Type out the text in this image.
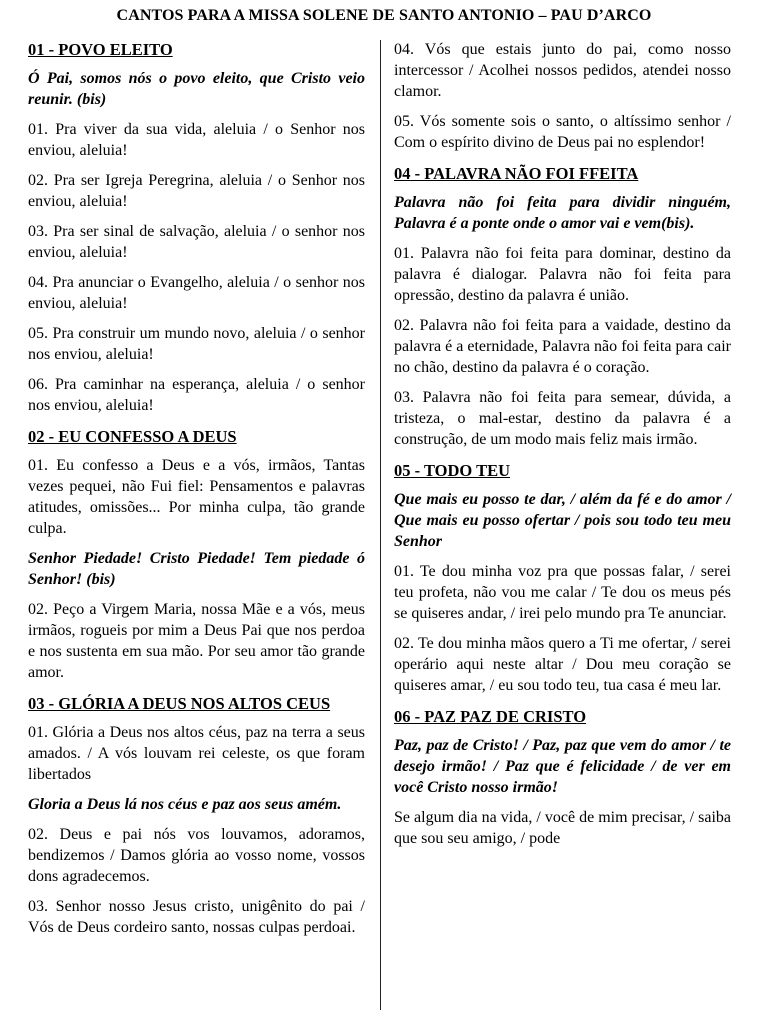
CANTOS PARA A MISSA SOLENE DE SANTO ANTONIO – PAU D’ARCO
01 - POVO ELEITO
Ó Pai, somos nós o povo eleito, que Cristo veio reunir. (bis)
01. Pra viver da sua vida, aleluia / o Senhor nos enviou, aleluia!
02. Pra ser Igreja Peregrina, aleluia / o Senhor nos enviou, aleluia!
03. Pra ser sinal de salvação, aleluia / o senhor nos enviou, aleluia!
04. Pra anunciar o Evangelho, aleluia / o senhor nos enviou, aleluia!
05. Pra construir um mundo novo, aleluia / o senhor nos enviou, aleluia!
06. Pra caminhar na esperança, aleluia / o senhor nos enviou, aleluia!
02 - EU CONFESSO A DEUS
01. Eu confesso a Deus e a vós, irmãos, Tantas vezes pequei, não Fui fiel: Pensamentos e palavras atitudes, omissões... Por minha culpa, tão grande culpa.
Senhor Piedade! Cristo Piedade! Tem piedade ó Senhor! (bis)
02. Peço a Virgem Maria, nossa Mãe e a vós, meus irmãos, rogueis por mim a Deus Pai que nos perdoa e nos sustenta em sua mão. Por seu amor tão grande amor.
03 - GLÓRIA A DEUS NOS ALTOS CEUS
01. Glória a Deus nos altos céus, paz na terra a seus amados. / A vós louvam rei celeste, os que foram libertados
Gloria a Deus lá nos céus e paz aos seus amém.
02. Deus e pai nós vos louvamos, adoramos, bendizemos / Damos glória ao vosso nome, vossos dons agradecemos.
03. Senhor nosso Jesus cristo, unigênito do pai / Vós de Deus cordeiro santo, nossas culpas perdoai.
04. Vós que estais junto do pai, como nosso intercessor / Acolhei nossos pedidos, atendei nosso clamor.
05. Vós somente sois o santo, o altíssimo senhor / Com o espírito divino de Deus pai no esplendor!
04 - PALAVRA NÃO FOI FFEITA
Palavra não foi feita para dividir ninguém, Palavra é a ponte onde o amor vai e vem(bis).
01. Palavra não foi feita para dominar, destino da palavra é dialogar. Palavra não foi feita para opressão, destino da palavra é união.
02. Palavra não foi feita para a vaidade, destino da palavra é a eternidade, Palavra não foi feita para cair no chão, destino da palavra é o coração.
03. Palavra não foi feita para semear, dúvida, a tristeza, o mal-estar, destino da palavra é a construção, de um modo mais feliz mais irmão.
05 - TODO TEU
Que mais eu posso te dar, / além da fé e do amor / Que mais eu posso ofertar / pois sou todo teu meu Senhor
01. Te dou minha voz pra que possas falar, / serei teu profeta, não vou me calar / Te dou os meus pés se quiseres andar, / irei pelo mundo pra Te anunciar.
02. Te dou minha mãos quero a Ti me ofertar, / serei operário aqui neste altar / Dou meu coração se quiseres amar, / eu sou todo teu, tua casa é meu lar.
06 - PAZ PAZ DE CRISTO
Paz, paz de Cristo! / Paz, paz que vem do amor / te desejo irmão! / Paz que é felicidade / de ver em você Cristo nosso irmão!
Se algum dia na vida, / você de mim precisar, / saiba que sou seu amigo, / pode
